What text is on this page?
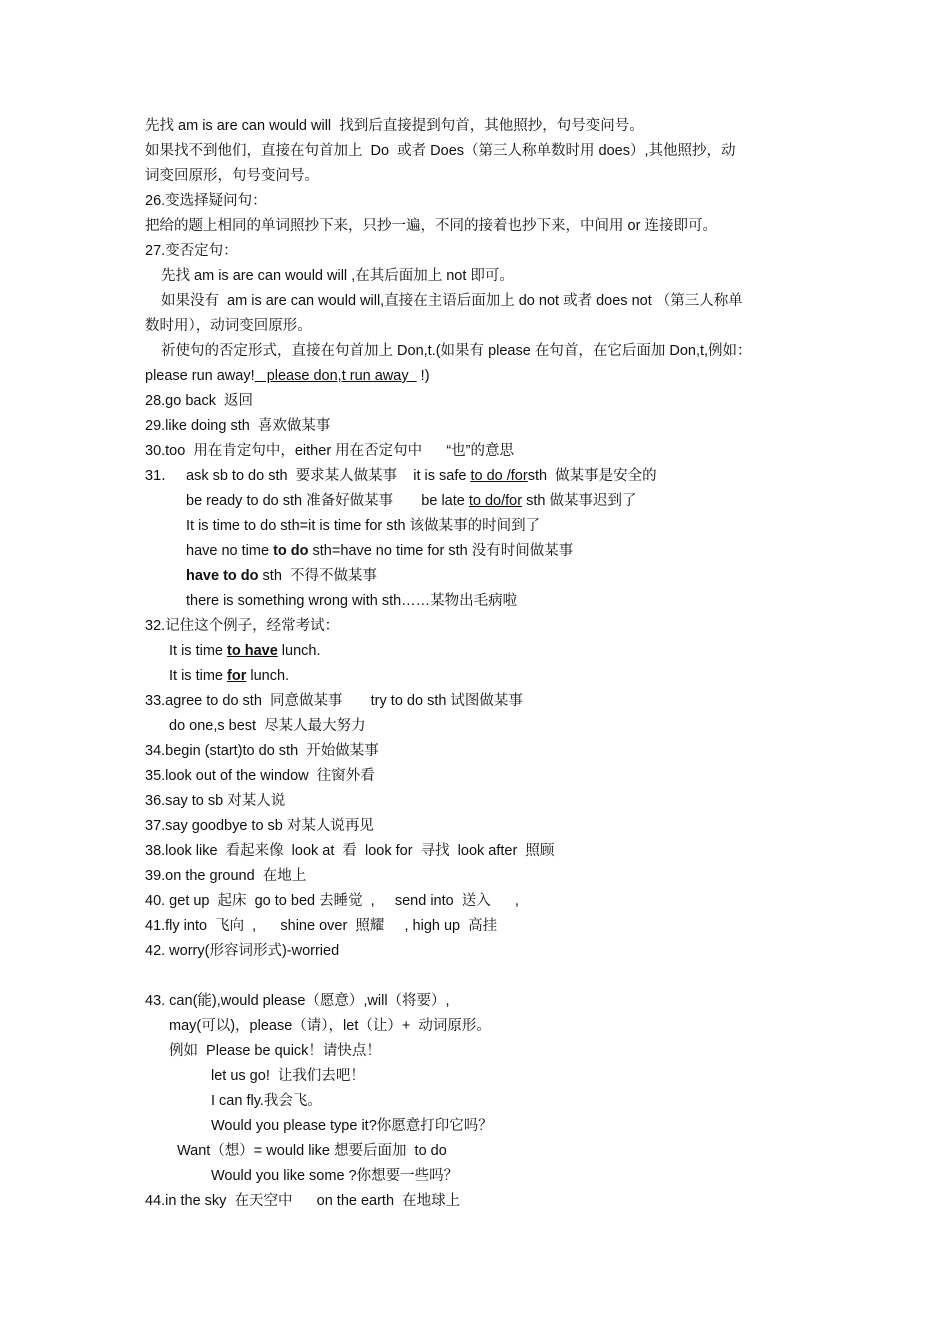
先找 am is are can would will  找到后直接提到句首，其他照抄，句号变问号。
如果找不到他们，直接在句首加上  Do  或者 Does（第三人称单数时用 does）,其他照抄，动
词变回原形，句号变问号。
26.变选择疑问句：
把给的题上相同的单词照抄下来，只抄一遍，不同的接着也抄下来，中间用 or 连接即可。
27.变否定句：
先找 am is are can would will ,在其后面加上 not 即可。
如果没有  am is are can would will,直接在主语后面加上 do not 或者 does not （第三人称单
数时用），动词变回原形。
祈使句的否定形式，直接在句首加上 Don,t.(如果有 please 在句首，在它后面加 Don,t,例如：
please run away!   please don,t run away   !)
28.go back  返回
29.like doing sth  喜欢做某事
30.too  用在肯定句中，either 用在否定句中      “也”的意思
31． ask sb to do sth  要求某人做某事    it is safe to do /forsth  做某事是安全的
be ready to do sth 准备好做某事       be late to do/for sth 做某事迟到了
It is time to do sth=it is time for sth 该做某事的时间到了
have no time to do sth=have no time for sth 没有时间做某事
have to do sth  不得不做某事
there is something wrong with sth……某物出毛病啦
32.记住这个例子，经常考试：
It is time to have lunch.
It is time for lunch.
33.agree to do sth  同意做某事       try to do sth 试图做某事
do one,s best  尽某人最大努力
34.begin (start)to do sth  开始做某事
35.look out of the window  往窗外看
36.say to sb 对某人说
37.say goodbye to sb 对某人说再见
38.look like  看起来像  look at  看  look for  寻找  look after  照顾
39.on the ground  在地上
40. get up  起床  go to bed 去睡觉  ,     send into  送入      ,
41.fly into  飞向  ,      shine over  照耀     , high up  高挂
42. worry(形容词形式)-worried
43. can(能),would please（愿意）,will（将要）,
may(可以)，please（请），let（让）+  动词原形。
例如  Please be quick！请快点！
let us go!  让我们去吧！
I can fly.我会飞。
Would you please type it?你愿意打印它吗？
Want（想）= would like 想要后面加  to do
Would you like some ?你想要一些吗？
44.in the sky  在天空中      on the earth  在地球上
